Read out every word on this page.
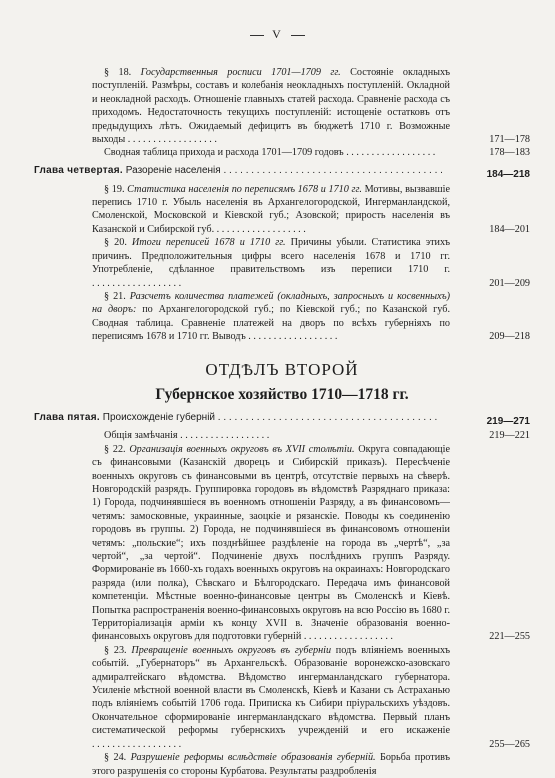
V
§ 18. Государственныя росписи 1701—1709 гг. Состояніе окладныхъ поступленій. Размѣры, составъ и колебанія неокладныхъ поступленій. Окладной и неокладной расходъ. Отношеніе главныхъ статей расхода. Сравненіе расхода съ приходомъ. Недостаточность текущихъ поступленій: истощеніе остатковъ отъ предыдущихъ лѣтъ. Ожидаемый дефицитъ въ бюджетѣ 1710 г. Возможные выходы . . . . . . . . . . . . . . . . . .	171—178
Сводная таблица прихода и расхода 1701—1709 годовъ . . . . . . . . . . . . . . . . . .	178—183
Глава четвертая. Разореніе населенія . . .	184—218
§ 19. Статистика населенія по переписямъ 1678 и 1710 гг. Мотивы, вызвавшіе перепись 1710 г. Убыль населенія въ Архангелогородской, Ингерманландской, Смоленской, Московской и Кіевской губ.; Азовской; прирость населенія въ Казанской и Сибирской губ. . . . . . . . . . . . . . . . . . .	184—201
§ 20. Итоги переписей 1678 и 1710 гг. Причины убыли. Статистика этихъ причинъ. Предположительныя цифры всего населенія 1678 и 1710 гг. Употребленіе, сдѣланное правительствомъ изъ переписи 1710 г. . . . . . . . . . . . . . . . . . .	201—209
§ 21. Разсчетъ количества платежей (окладныхъ, запросныхъ и косвенныхъ) на дворъ: по Архангелогородской губ.; по Кіевской губ.; по Казанской губ. Сводная таблица. Сравненіе платежей на дворъ по всѣхъ губерніяхъ по переписямъ 1678 и 1710 гг. Выводъ . . . . . . . . . . . . . . . . . .	209—218
ОТДѢЛЪ ВТОРОЙ
Губернское хозяйство 1710—1718 гг.
Глава пятая. Происхожденіе губерній . . .	219—271
Общія замѣчанія . . . . . . . . . . . . . . . . . .	219—221
§ 22. Организація военныхъ округовъ въ XVII столѣтіи. Округа совпадающіе съ финансовыми (Казанскій дворецъ и Сибирскій приказъ). Пересѣченіе военныхъ округовъ съ финансовыми въ центрѣ, отсутствіе первыхъ на сѣверѣ. Новгородскій разрядъ. Группировка городовъ въ вѣдомствѣ Разряднаго приказа: 1) Города, подчинявшіеся въ военномъ отношеніи Разряду, а въ финансовомъ—четямъ: замосковные, украинные, заоцкіе и рязанскіе. Поводы къ соединенію городовъ въ группы. 2) Города, не подчинявшіеся въ финансовомъ отношеніи четямъ: „польские“; ихъ позднѣйшее раздѣленіе на города въ „чертѣ“, „за чертой“, „за чертой“. Подчиненіе двухъ послѣднихъ группъ Разряду. Формированіе въ 1660-хъ годахъ военныхъ округовъ на окраинахъ: Новгородскаго разряда (или полка), Сѣвскаго и Бѣлгородскаго. Передача имъ финансовой компетенціи. Мѣстные военно-финансовые центры въ Смоленскѣ и Кіевѣ. Попытка распространенія военно-финансовыхъ округовъ на всю Россію въ 1680 г. Территоріализація арміи къ концу XVII в. Значеніе образованія военно-финансовыхъ округовъ для подготовки губерній . . . . . . . . . . . . . . . . . .	221—255
§ 23. Превращеніе военныхъ округовъ въ губерніи подъ вліяніемъ военныхъ событій. „Губернаторъ“ въ Архангельскѣ. Образованіе воронежско-азовскаго адмиралтейскаго вѣдомства. Вѣдомство ингерманландскаго губернатора. Усиленіе мѣстной военной власти въ Смоленскѣ, Кіевѣ и Казани съ Астраханью подъ вліяніемъ событій 1706 года. Приписка къ Сибири пріуральскихъ уѣздовъ. Окончательное сформированіе ингерманландскаго вѣдомства. Первый планъ систематической реформы губернскихъ учрежденій и его искаженіе . . . . . . . . . . . . . . . . . .	255—265
§ 24. Разрушеніе реформы вслѣдствіе образованія губерній. Борьба противъ этого разрушенія со стороны Курбатова. Результаты раздробленія
